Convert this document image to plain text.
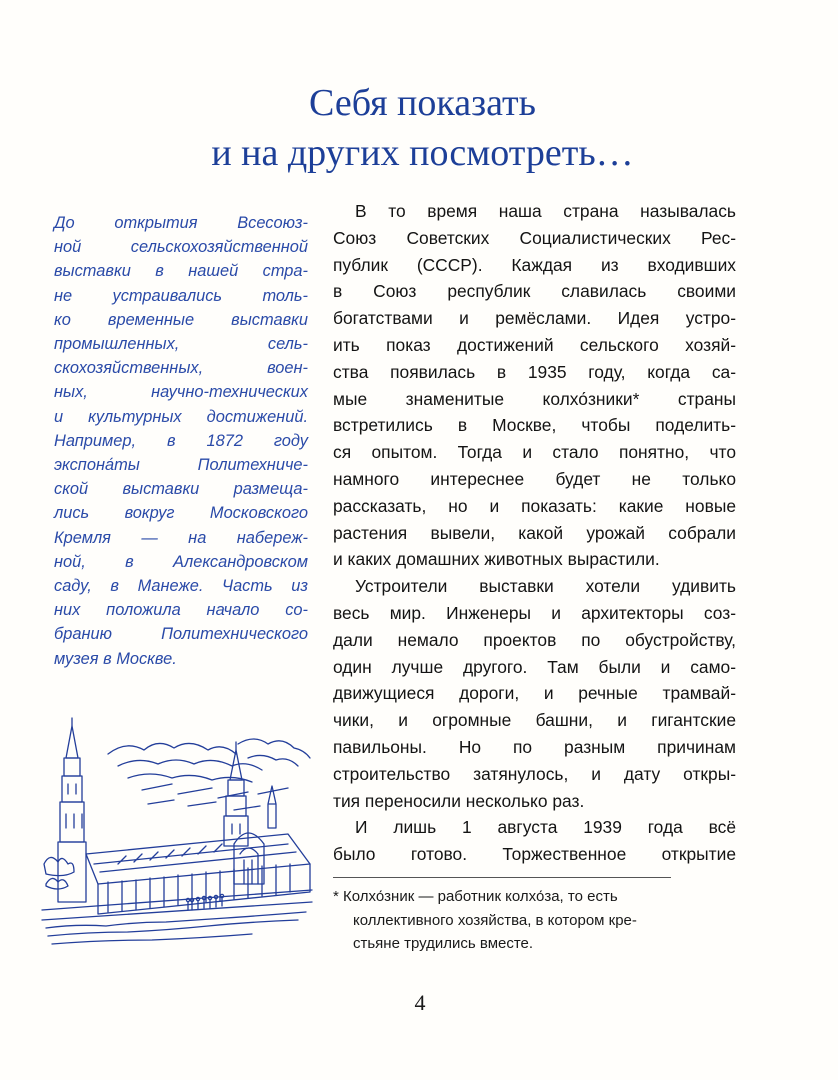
Себя показать
и на других посмотреть…
До открытия Всесоюз-
ной сельскохозяйственной
выставки в нашей стра-
не устраивались толь-
ко временные выставки
промышленных, сель-
скохозяйственных, воен-
ных, научно-технических
и культурных достижений.
Например, в 1872 году
экспона́ты Политехниче-
ской выставки размеща-
лись вокруг Московского
Кремля — на набереж-
ной, в Александровском
саду, в Манеже. Часть из
них положила начало со-
бранию Политехнического
музея в Москве.
В то время наша страна называлась
Союз Советских Социалистических Рес-
публик (СССР). Каждая из входивших
в Союз республик славилась своими
богатствами и ремёслами. Идея устро-
ить показ достижений сельского хозяй-
ства появилась в 1935 году, когда са-
мые знаменитые колхо́зники* страны
встретились в Москве, чтобы поделить-
ся опытом. Тогда и стало понятно, что
намного интереснее будет не только
рассказать, но и показать: какие новые
растения вывели, какой урожай собрали
и каких домашних животных вырастили.
Устроители выставки хотели удивить
весь мир. Инженеры и архитекторы соз-
дали немало проектов по обустройству,
один лучше другого. Там были и само-
движущиеся дороги, и речные трамвай-
чики, и огромные башни, и гигантские
павильоны. Но по разным причинам
строительство затянулось, и дату откры-
тия переносили несколько раз.
И лишь 1 августа 1939 года всё
было готово. Торжественное открытие
* Колхо́зник — работник колхо́за, то есть
коллективного хозяйства, в котором кре-
стьяне трудились вместе.
4
